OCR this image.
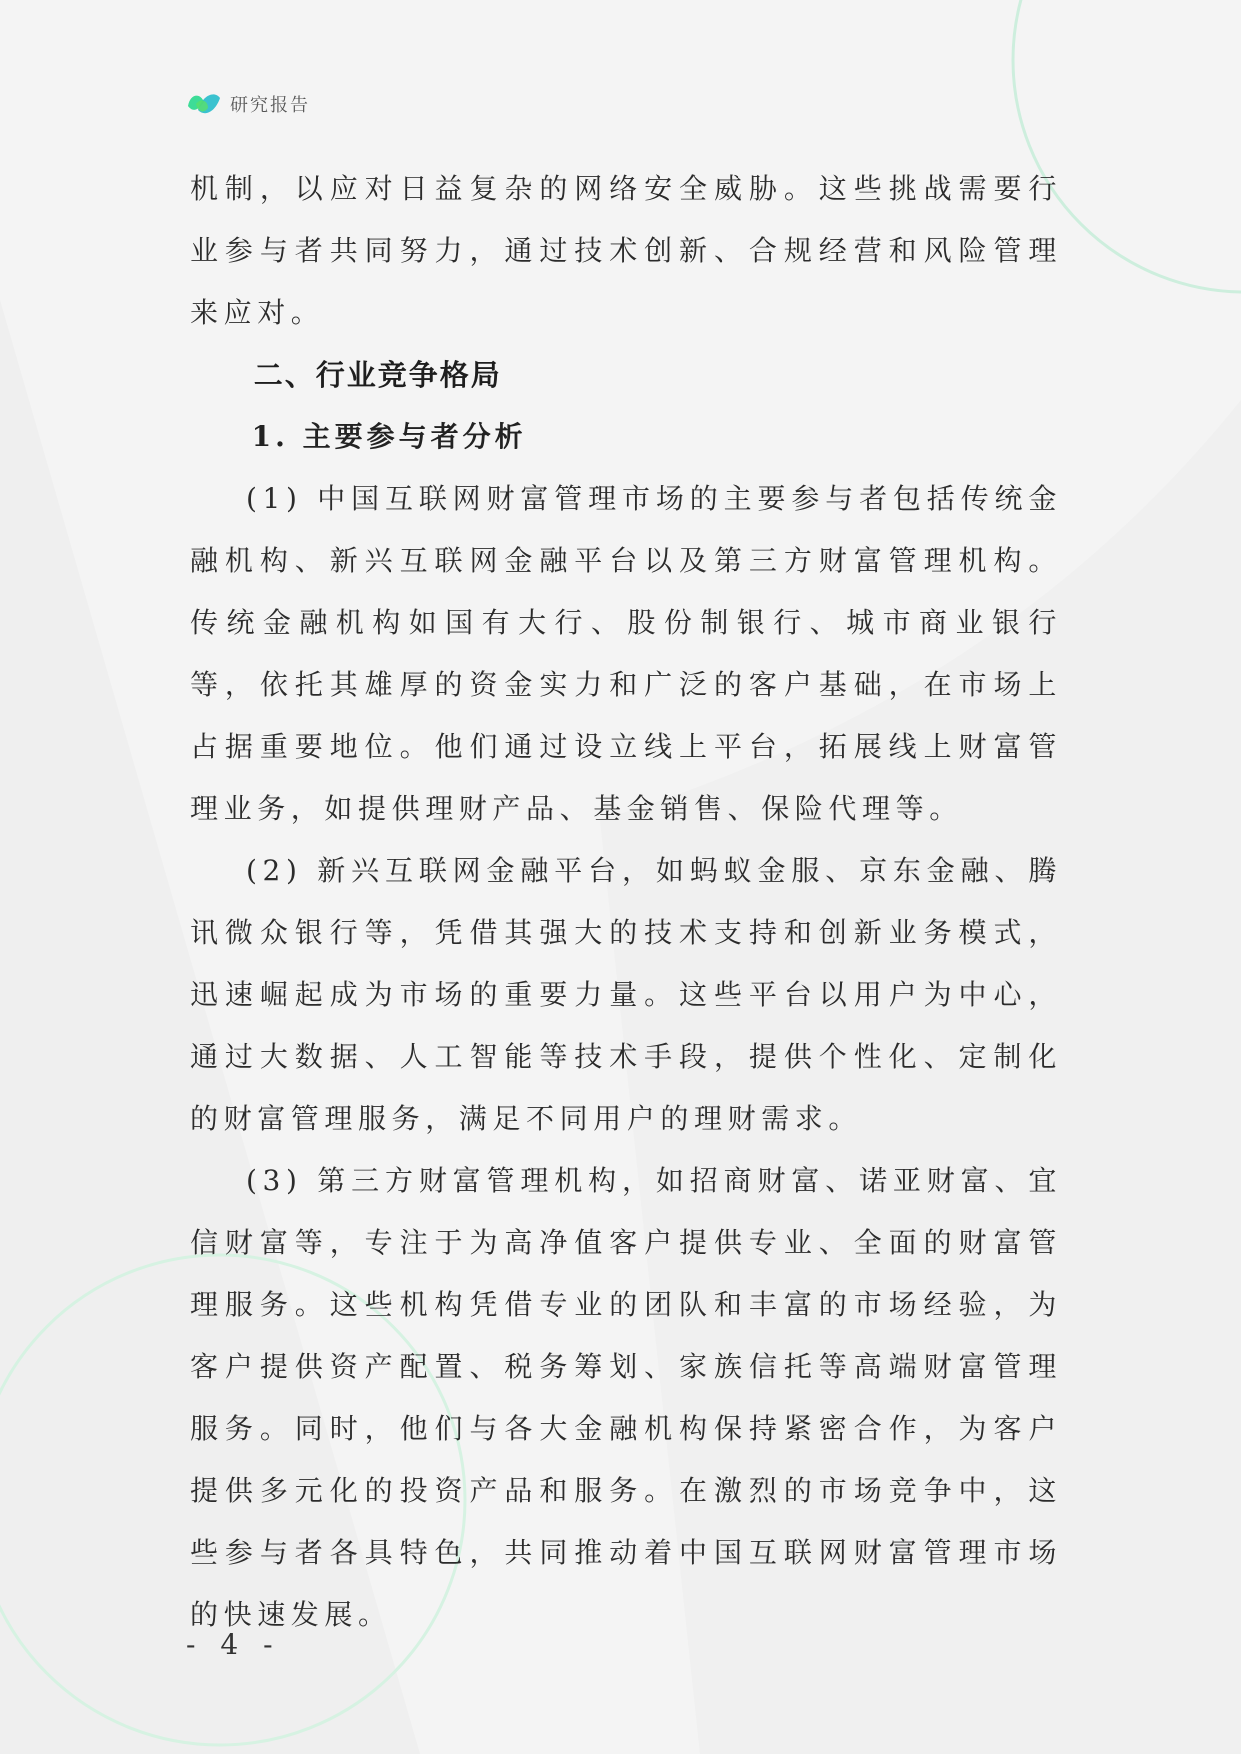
研究报告

机制，以应对日益复杂的网络安全威胁。这些挑战需要行业参与者共同努力，通过技术创新、合规经营和风险管理来应对。

二、行业竞争格局
1. 主要参与者分析

(1) 中国互联网财富管理市场的主要参与者包括传统金融机构、新兴互联网金融平台以及第三方财富管理机构。传统金融机构如国有大行、股份制银行、城市商业银行等，依托其雄厚的资金实力和广泛的客户基础，在市场上占据重要地位。他们通过设立线上平台，拓展线上财富管理业务，如提供理财产品、基金销售、保险代理等。

(2) 新兴互联网金融平台，如蚂蚁金服、京东金融、腾讯微众银行等，凭借其强大的技术支持和创新业务模式，迅速崛起成为市场的重要力量。这些平台以用户为中心，通过大数据、人工智能等技术手段，提供个性化、定制化的财富管理服务，满足不同用户的理财需求。

(3) 第三方财富管理机构，如招商财富、诺亚财富、宜信财富等，专注于为高净值客户提供专业、全面的财富管理服务。这些机构凭借专业的团队和丰富的市场经验，为客户提供资产配置、税务筹划、家族信托等高端财富管理服务。同时，他们与各大金融机构保持紧密合作，为客户提供多元化的投资产品和服务。在激烈的市场竞争中，这些参与者各具特色，共同推动着中国互联网财富管理市场的快速发展。

- 4 -
